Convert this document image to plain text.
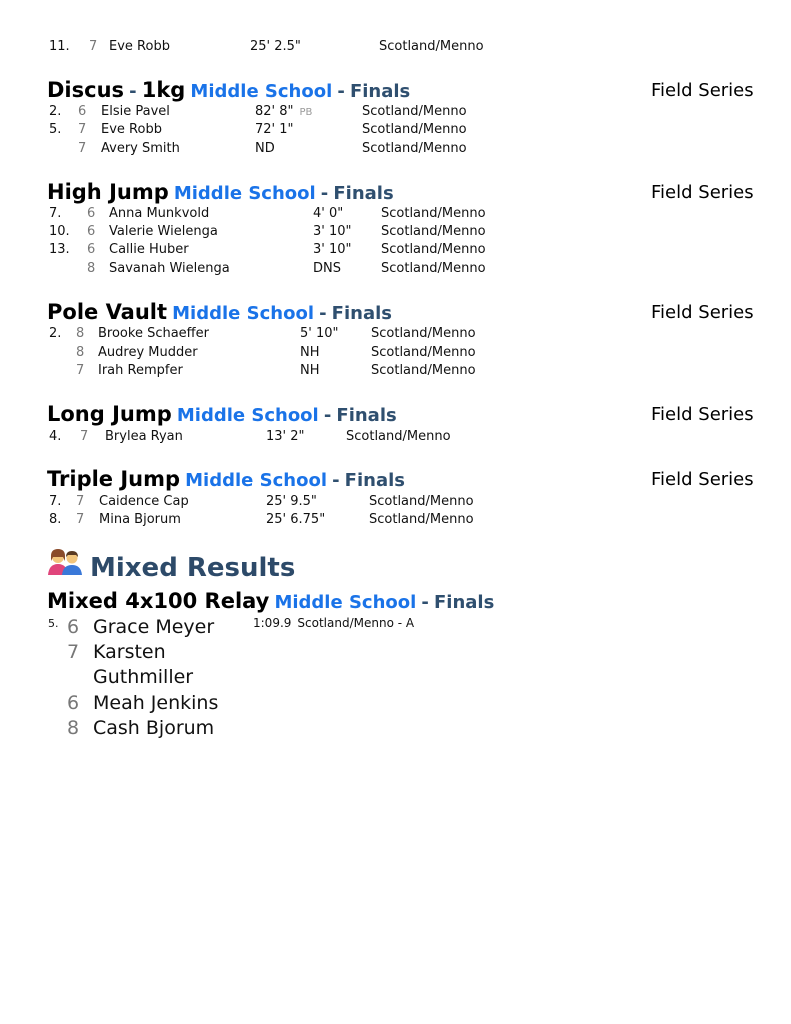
11. 7 Eve Robb	25' 2.5"	Scotland/Menno
Discus - 1kg Middle School - Finals	Field Series
2. 6 Elsie Pavel	82' 8" PB	Scotland/Menno
5. 7 Eve Robb	72' 1"	Scotland/Menno
7 Avery Smith	ND	Scotland/Menno
High Jump Middle School - Finals	Field Series
7. 6 Anna Munkvold	4' 0"	Scotland/Menno
10. 6 Valerie Wielenga	3' 10" Scotland/Menno
13. 6 Callie Huber	3' 10" Scotland/Menno
8 Savanah Wielenga	DNS	Scotland/Menno
Pole Vault Middle School - Finals	Field Series
2. 8 Brooke Schaeffer	5' 10"	Scotland/Menno
8 Audrey Mudder	NH	Scotland/Menno
7 Irah Rempfer	NH	Scotland/Menno
Long Jump Middle School - Finals	Field Series
4. 7 Brylea Ryan	13' 2"	Scotland/Menno
Triple Jump Middle School - Finals	Field Series
7. 7 Caidence Cap	25' 9.5"	Scotland/Menno
8. 7 Mina Bjorum	25' 6.75"	Scotland/Menno
Mixed Results
Mixed 4x100 Relay Middle School - Finals
5.	1:09.9 Scotland/Menno - A
6 Grace Meyer
7 Karsten
Guthmiller
6 Meah Jenkins
8 Cash Bjorum
